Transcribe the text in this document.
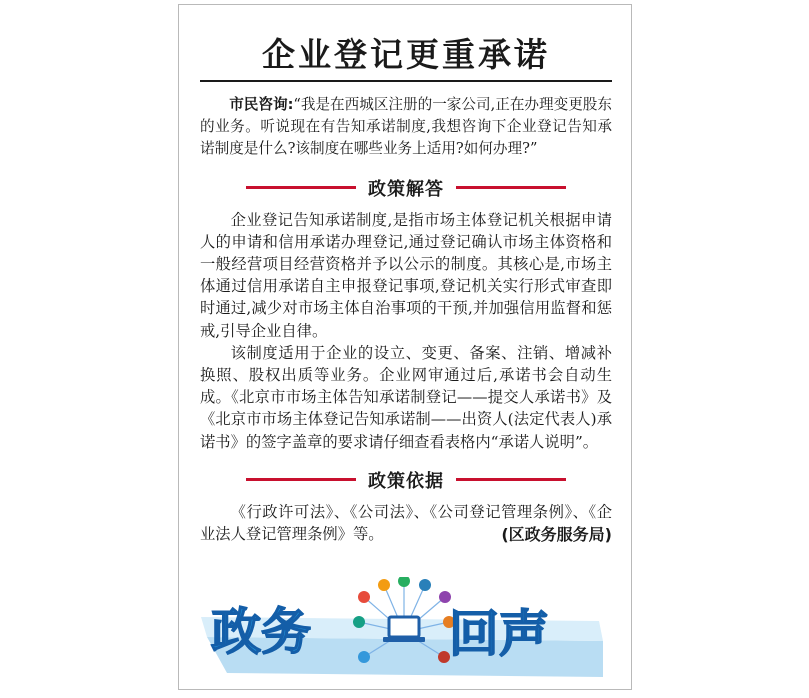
企业登记更重承诺

市民咨询:“我是在西城区注册的一家公司,正在办理变更股东的业务。听说现在有告知承诺制度,我想咨询下企业登记告知承诺制度是什么?该制度在哪些业务上适用?如何办理?”

政策解答

企业登记告知承诺制度,是指市场主体登记机关根据申请人的申请和信用承诺办理登记,通过登记确认市场主体资格和一般经营项目经营资格并予以公示的制度。其核心是,市场主体通过信用承诺自主申报登记事项,登记机关实行形式审查即时通过,减少对市场主体自治事项的干预,并加强信用监督和惩戒,引导企业自律。

该制度适用于企业的设立、变更、备案、注销、增减补换照、股权出质等业务。企业网审通过后,承诺书会自动生成。《北京市市场主体告知承诺制登记——提交人承诺书》及《北京市市场主体登记告知承诺制——出资人(法定代表人)承诺书》的签字盖章的要求请仔细查看表格内“承诺人说明”。

政策依据

《行政许可法》、《公司法》、《公司登记管理条例》、《企业法人登记管理条例》等。	(区政务服务局)
政务	回声
